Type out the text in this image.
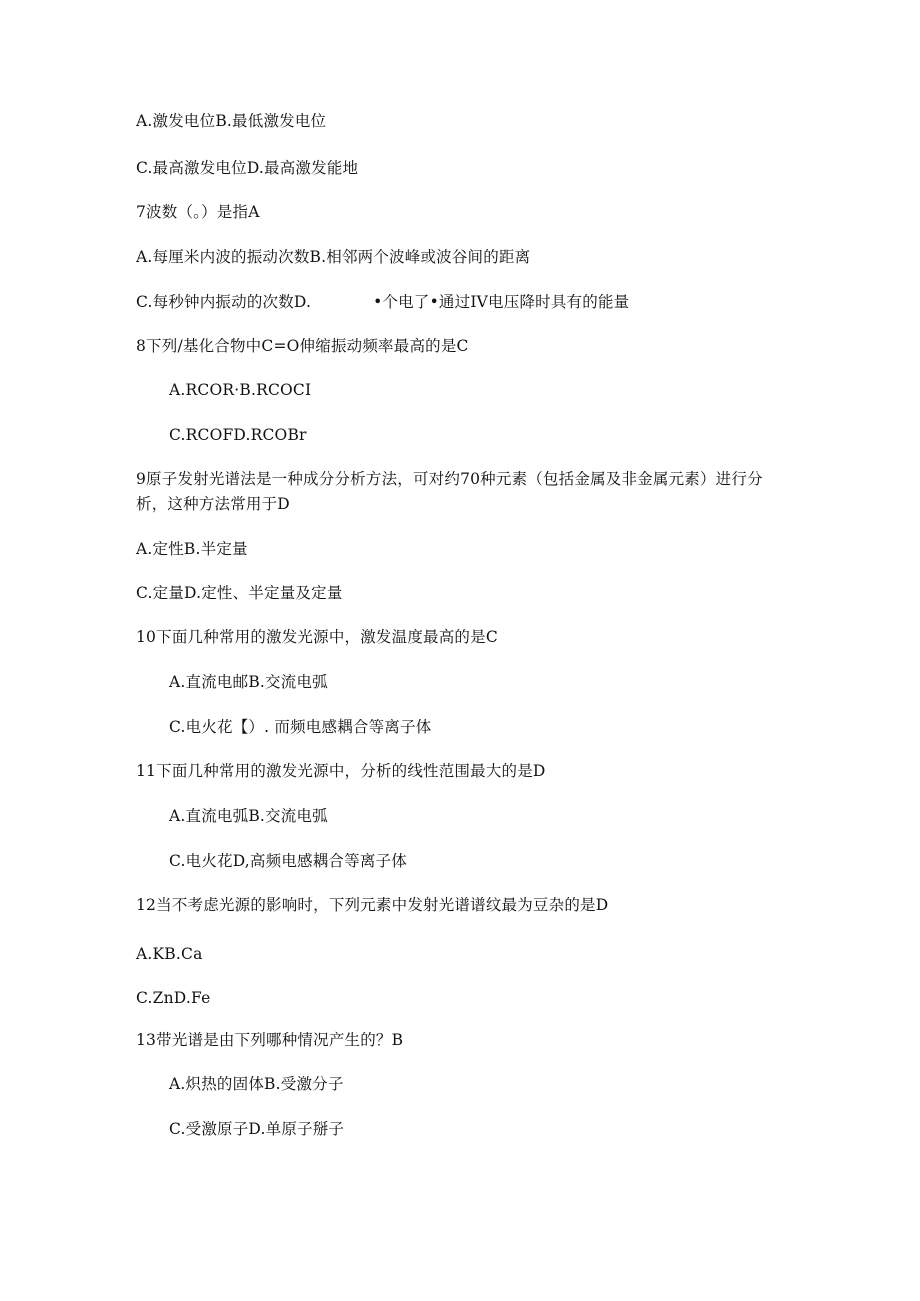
A.激发电位B.最低激发电位
C.最高激发电位D.最高激发能地
7波数（。）是指A
A.每厘米内波的振动次数B.相邻两个波峰或波谷间的距离
C.每秒钟内振动的次数D.	•个电了•通过IV电压降时具有的能量
8下列/基化合物中C=O伸缩振动频率最高的是C
A.RCOR·B.RCOCI
C.RCOFD.RCOBr
9原子发射光谱法是一种成分分析方法，可对约70种元素（包括金属及非金属元素）进行分析，这种方法常用于D
A.定性B.半定量
C.定量D.定性、半定量及定量
10下面几种常用的激发光源中，激发温度最高的是C
A.直流电邮B.交流电弧
C.电火花【）. 而频电感耦合等离子体
11下面几种常用的激发光源中，分析的线性范围最大的是D
A.直流电弧B.交流电弧
C.电火花D,高频电感耦合等离子体
12当不考虑光源的影响时，下列元素中发射光谱谱纹最为豆杂的是D
A.KB.Ca
C.ZnD.Fe
13带光谱是由下列哪种情况产生的？B
A.炽热的固体B.受激分子
C.受激原子D.单原子掰子
